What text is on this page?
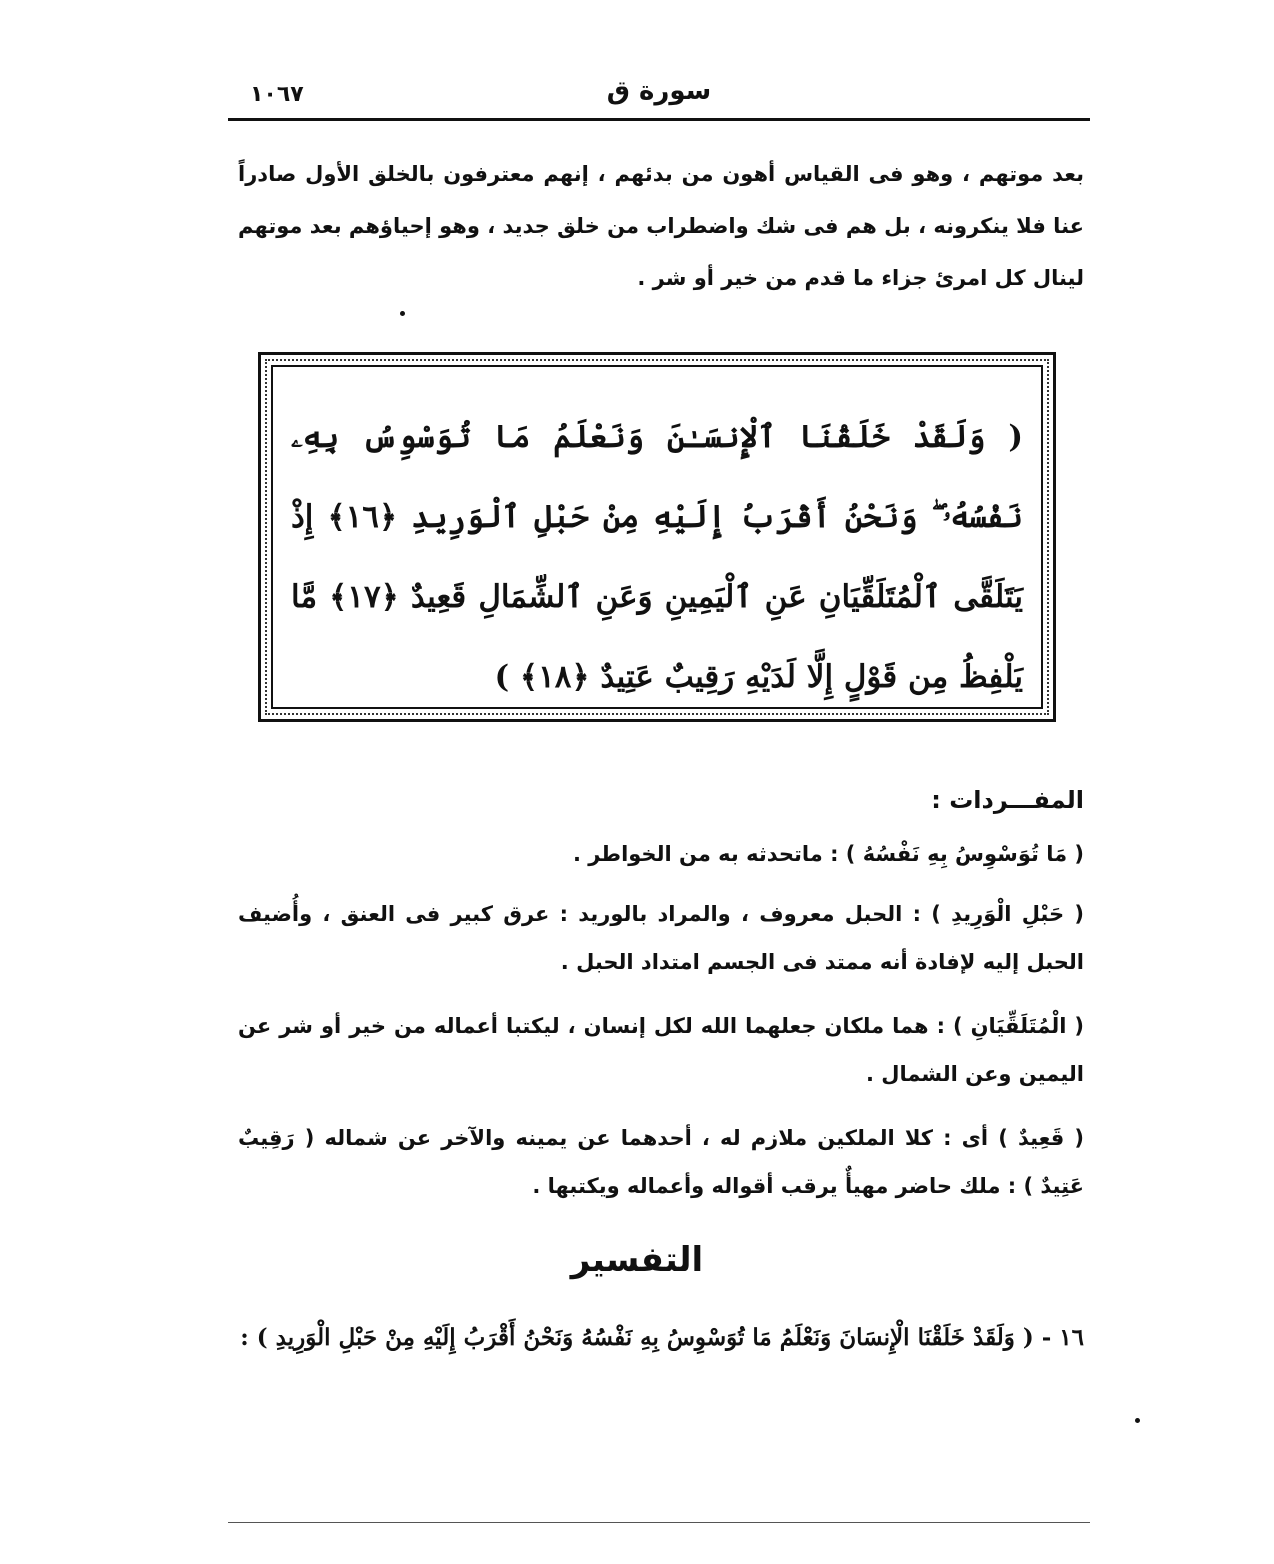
سورة ق
١٠٦٧
بعد موتهم ، وهو فى القياس أهون من بدئهم ، إنهم معترفون بالخلق الأول صادراً عنا فلا ينكرونه ، بل هم فى شك واضطراب من خلق جديد ، وهو إحياؤهم بعد موتهم لينال كل امرئ جزاء ما قدم من خير أو شر .
( وَلَقَدْ خَلَقْنَا ٱلْإِنسَـٰنَ وَنَعْلَمُ مَا تُوَسْوِسُ بِهِۦ نَفْسُهُۥ ۖ وَنَحْنُ أَقْرَبُ إِلَيْهِ مِنْ حَبْلِ ٱلْوَرِيدِ ﴿١٦﴾ إِذْ يَتَلَقَّى ٱلْمُتَلَقِّيَانِ عَنِ ٱلْيَمِينِ وَعَنِ ٱلشِّمَالِ قَعِيدٌ ﴿١٧﴾ مَّا يَلْفِظُ مِن قَوْلٍ إِلَّا لَدَيْهِ رَقِيبٌ عَتِيدٌ ﴿١٨﴾ )
المفـــردات :
( مَا تُوَسْوِسُ بِهِ نَفْسُهُ ) : ماتحدثه به من الخواطر .
( حَبْلِ الْوَرِيدِ ) : الحبل معروف ، والمراد بالوريد : عرق كبير فى العنق ، وأُضيف الحبل إليه لإفادة أنه ممتد فى الجسم امتداد الحبل .
( الْمُتَلَقِّيَانِ ) : هما ملكان جعلهما الله لكل إنسان ، ليكتبا أعماله من خير أو شر عن اليمين وعن الشمال .
( قَعِيدٌ ) أى : كلا الملكين ملازم له ، أحدهما عن يمينه والآخر عن شماله ( رَقِيبٌ عَتِيدٌ ) : ملك حاضر مهيأٌ يرقب أقواله وأعماله ويكتبها .
التفسير
١٦ - ( وَلَقَدْ خَلَقْنَا الْإِنسَانَ وَنَعْلَمُ مَا تُوَسْوِسُ بِهِ نَفْسُهُ وَنَحْنُ أَقْرَبُ إِلَيْهِ مِنْ حَبْلِ الْوَرِيدِ ) :
